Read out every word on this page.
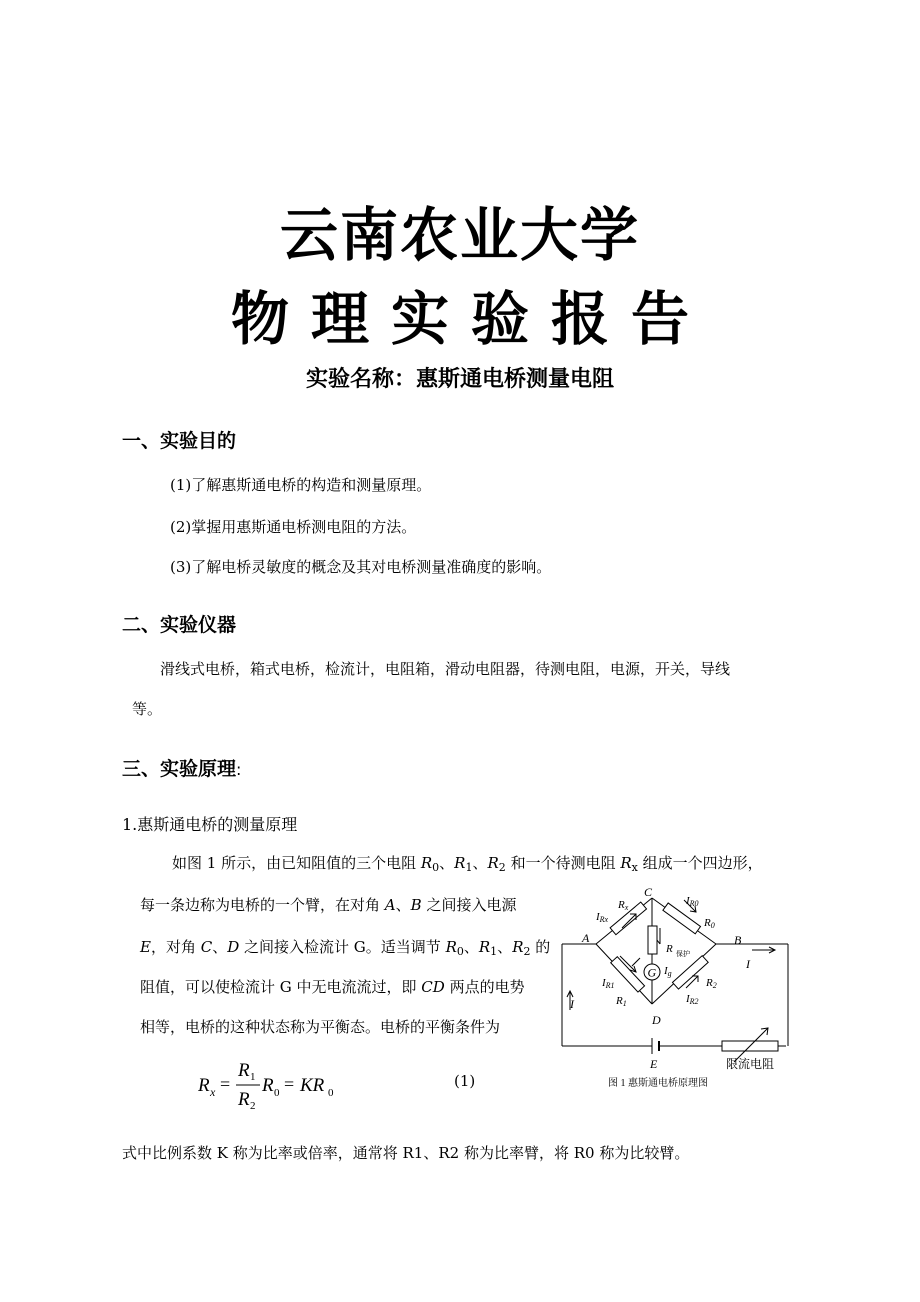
云南农业大学
物理实验报告
实验名称：惠斯通电桥测量电阻
一、实验目的
(1)了解惠斯通电桥的构造和测量原理。
(2)掌握用惠斯通电桥测电阻的方法。
(3)了解电桥灵敏度的概念及其对电桥测量准确度的影响。
二、实验仪器
滑线式电桥，箱式电桥，检流计，电阻箱，滑动电阻器，待测电阻，电源，开关，导线
等。
三、实验原理:
1.惠斯通电桥的测量原理
如图 1 所示，由已知阻值的三个电阻 $R_0$、$R_1$、$R_2$ 和一个待测电阻 $R_x$ 组成一个四边形，
每一条边称为电桥的一个臂，在对角 A、B 之间接入电源
E，对角 C、D 之间接入检流计 G。适当调节 $R_0$、$R_1$、$R_2$ 的
阻值，可以使检流计 G 中无电流流过，即 CD 两点的电势
相等，电桥的这种状态称为平衡态。电桥的平衡条件为
R x =
R 1
R 2
R 0 = KR 0
(1)
G
C
A	B
D
E
I
I
Rx
IRx
IR0
R0
R 保护
Ig
IR1
R1
R2
IR2
限流电阻
图 1 惠斯通电桥原理图
式中比例系数 K 称为比率或倍率，通常将 R1、R2 称为比率臂，将 R0 称为比较臂。
